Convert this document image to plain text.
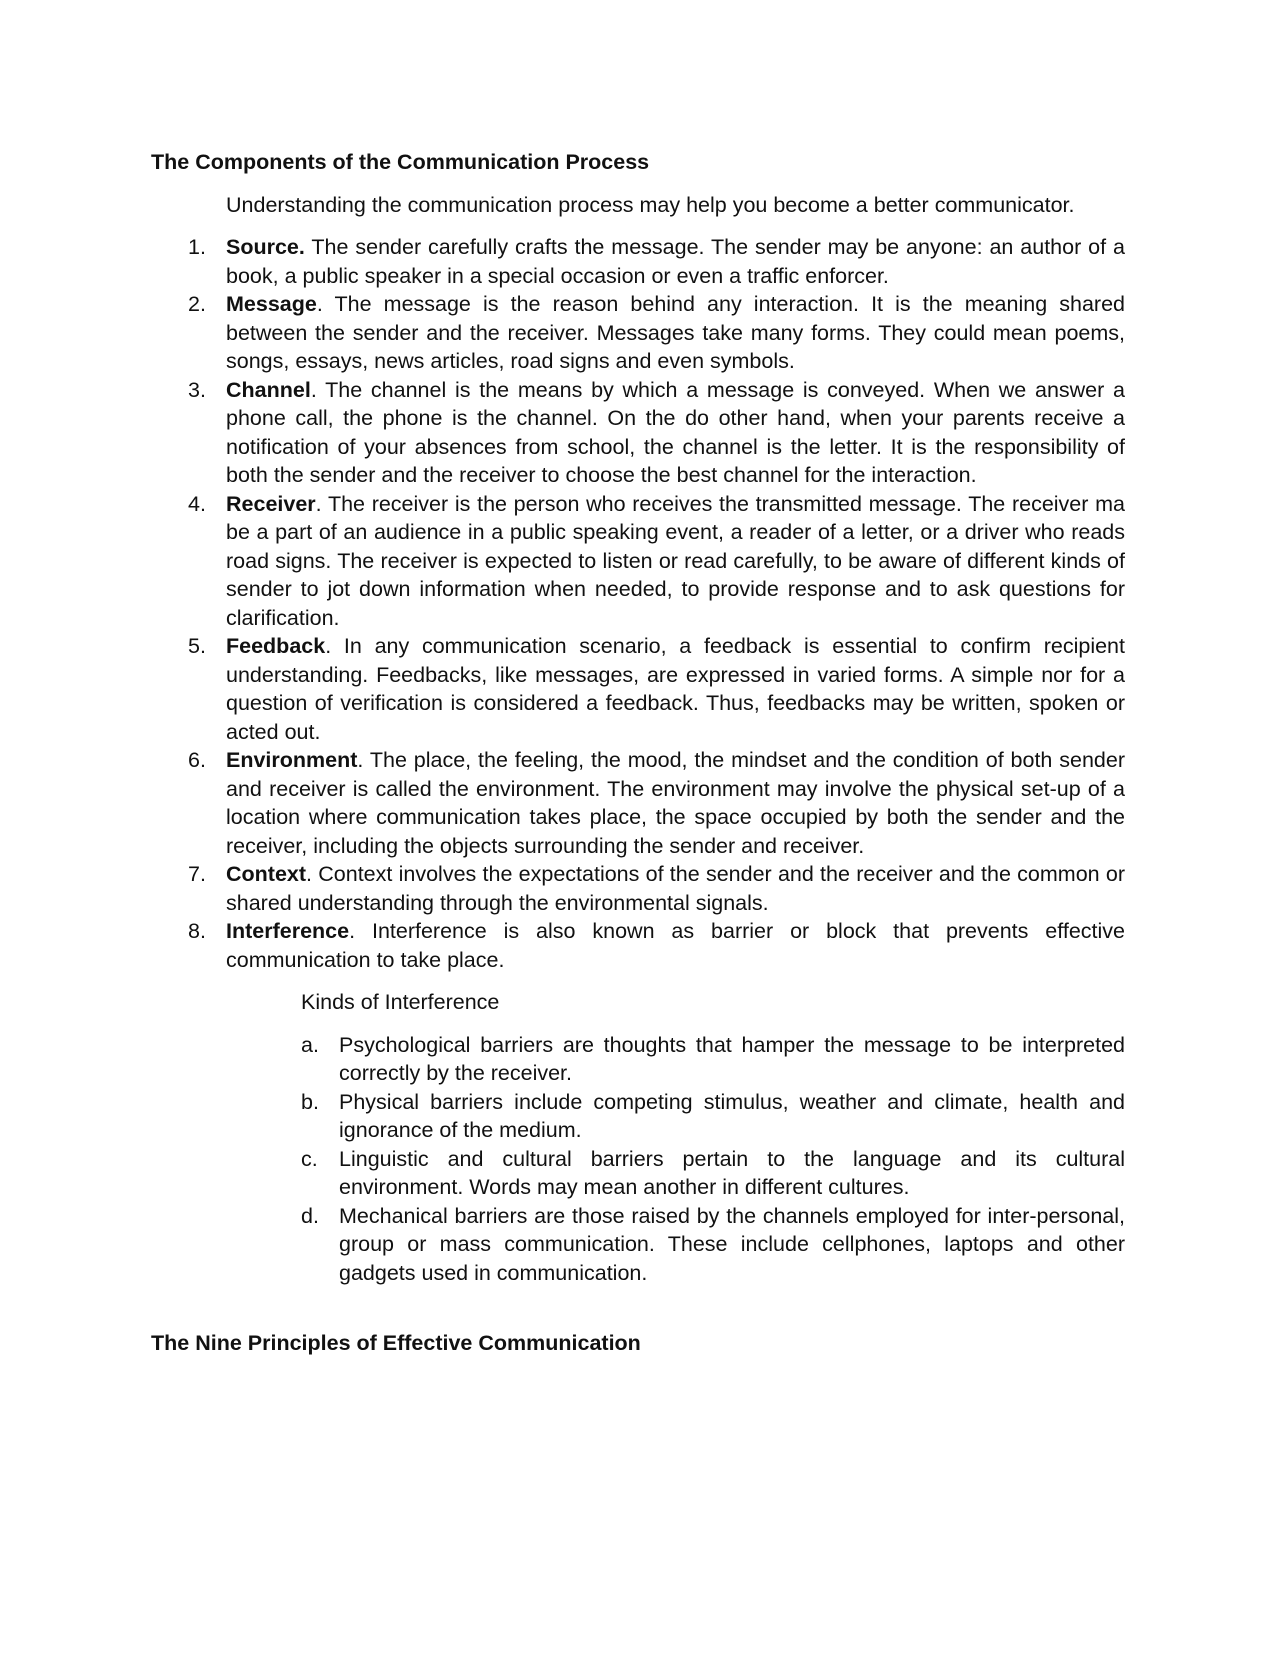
The Components of the Communication Process

Understanding the communication process may help you become a better communicator.

1. Source. The sender carefully crafts the message. The sender may be anyone: an author of a book, a public speaker in a special occasion or even a traffic enforcer.
2. Message. The message is the reason behind any interaction. It is the meaning shared between the sender and the receiver. Messages take many forms. They could mean poems, songs, essays, news articles, road signs and even symbols.
3. Channel. The channel is the means by which a message is conveyed. When we answer a phone call, the phone is the channel. On the do other hand, when your parents receive a notification of your absences from school, the channel is the letter. It is the responsibility of both the sender and the receiver to choose the best channel for the interaction.
4. Receiver. The receiver is the person who receives the transmitted message. The receiver ma be a part of an audience in a public speaking event, a reader of a letter, or a driver who reads road signs. The receiver is expected to listen or read carefully, to be aware of different kinds of sender to jot down information when needed, to provide response and to ask questions for clarification.
5. Feedback. In any communication scenario, a feedback is essential to confirm recipient understanding. Feedbacks, like messages, are expressed in varied forms. A simple nor for a question of verification is considered a feedback. Thus, feedbacks may be written, spoken or acted out.
6. Environment. The place, the feeling, the mood, the mindset and the condition of both sender and receiver is called the environment. The environment may involve the physical set-up of a location where communication takes place, the space occupied by both the sender and the receiver, including the objects surrounding the sender and receiver.
7. Context. Context involves the expectations of the sender and the receiver and the common or shared understanding through the environmental signals.
8. Interference. Interference is also known as barrier or block that prevents effective communication to take place.

Kinds of Interference

a. Psychological barriers are thoughts that hamper the message to be interpreted correctly by the receiver.
b. Physical barriers include competing stimulus, weather and climate, health and ignorance of the medium.
c. Linguistic and cultural barriers pertain to the language and its cultural environment. Words may mean another in different cultures.
d. Mechanical barriers are those raised by the channels employed for inter-personal, group or mass communication. These include cellphones, laptops and other gadgets used in communication.
The Nine Principles of Effective Communication
